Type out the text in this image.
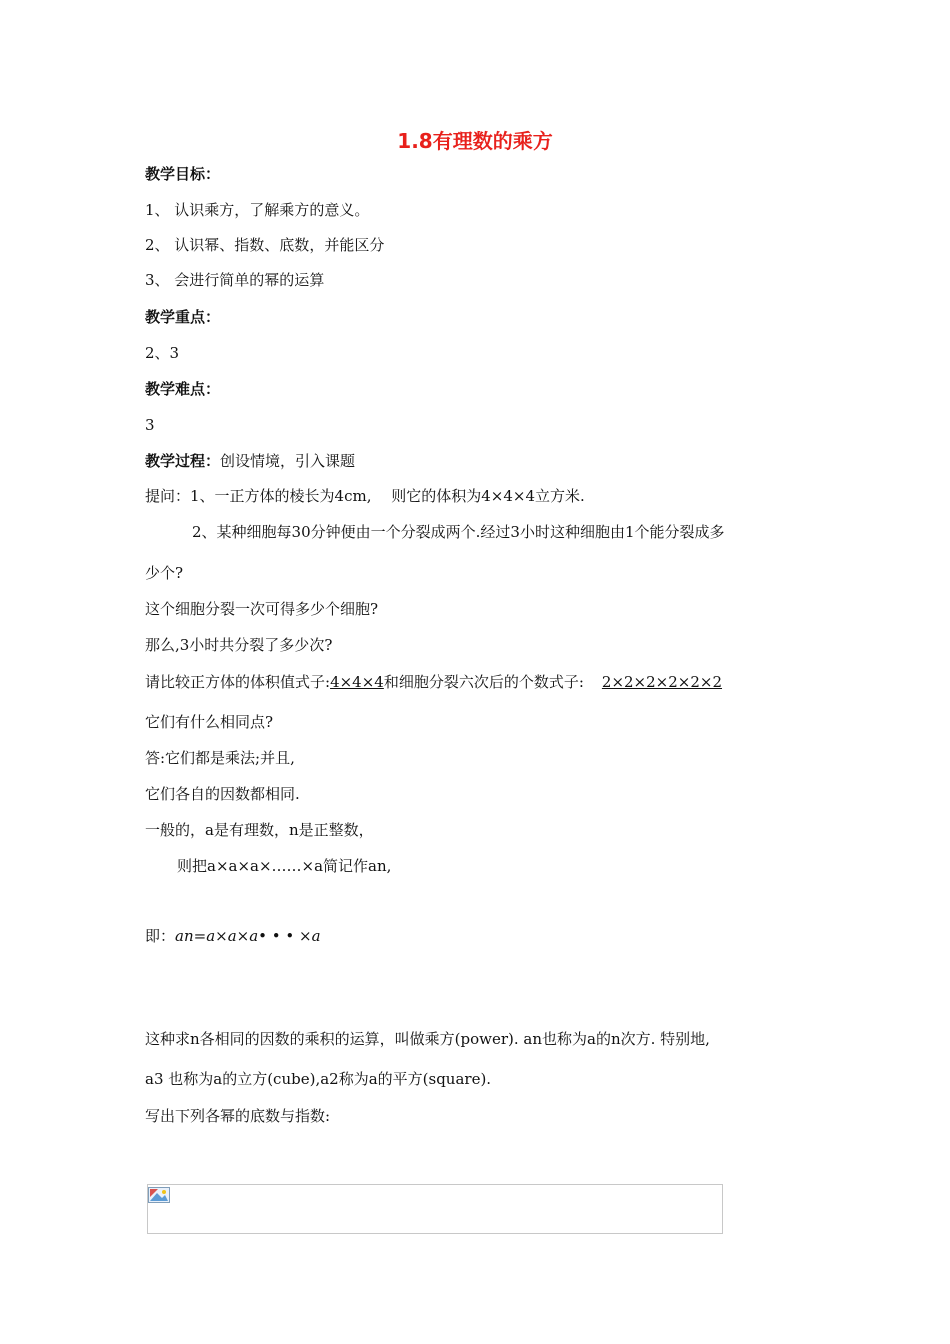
1.8有理数的乘方
教学目标：
1、 认识乘方，了解乘方的意义。
2、 认识幂、指数、底数，并能区分
3、 会进行简单的幂的运算
教学重点：
2、3
教学难点：
3
教学过程：创设情境，引入课题
提问：1、一正方体的棱长为4cm,　 则它的体积为4×4×4立方米.
2、某种细胞每30分钟便由一个分裂成两个.经过3小时这种细胞由1个能分裂成多
少个?
这个细胞分裂一次可得多少个细胞?
那么,3小时共分裂了多少次?
请比较正方体的体积值式子:4×4×4和细胞分裂六次后的个数式子: 2×2×2×2×2×2
它们有什么相同点?
答:它们都是乘法;并且,
它们各自的因数都相同.
一般的，a是有理数，n是正整数，
则把a×a×a×……×a简记作an,
即：an=a×a×a• • • ×a
这种求n各相同的因数的乘积的运算，叫做乘方(power). an也称为a的n次方. 特别地,
a3 也称为a的立方(cube),a2称为a的平方(square).
写出下列各幂的底数与指数:
